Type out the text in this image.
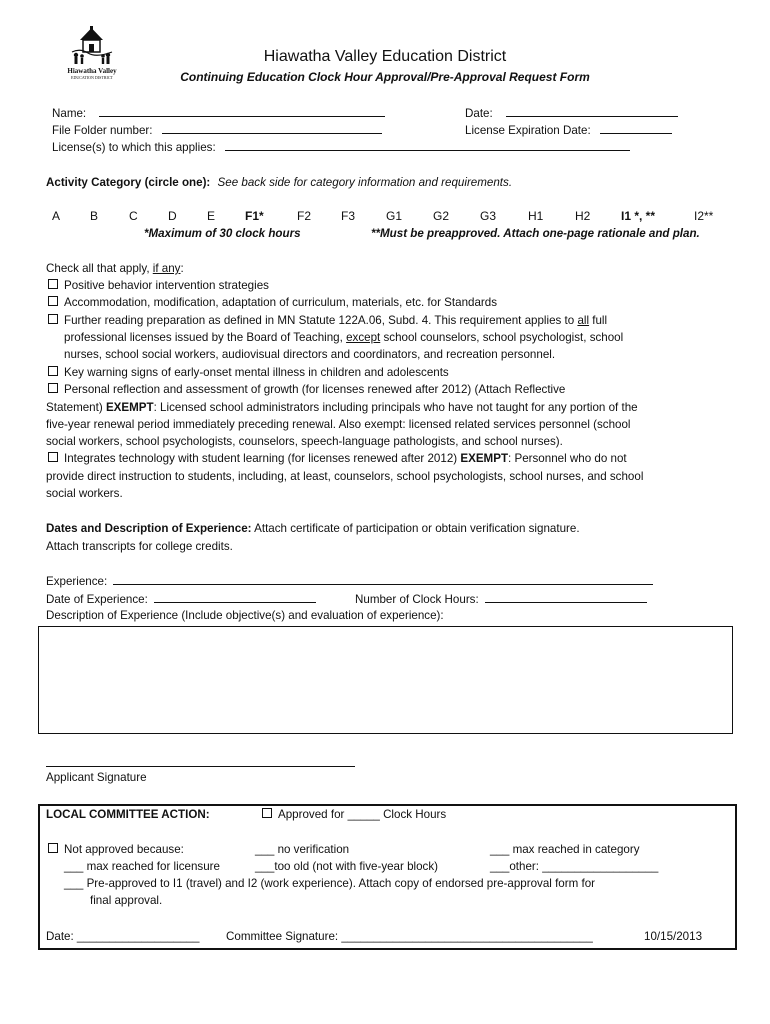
Hiawatha Valley
EDUCATION DISTRICT
Hiawatha Valley Education District
Continuing Education Clock Hour Approval/Pre-Approval Request Form
Name:	Date:
File Folder number:	License Expiration Date:
License(s) to which this applies:
Activity Category (circle one): See back side for category information and requirements.
A B	C	D	E F1*	F2 F3	G1	G2	G3	H1	H2	I1 *, **	I2**
*Maximum of 30 clock hours	**Must be preapproved. Attach one-page rationale and plan.
Check all that apply, if any:
Positive behavior intervention strategies
Accommodation, modification, adaptation of curriculum, materials, etc. for Standards
Further reading preparation as defined in MN Statute 122A.06, Subd. 4. This requirement applies to all full
professional licenses issued by the Board of Teaching, except school counselors, school psychologist, school
nurses, school social workers, audiovisual directors and coordinators, and recreation personnel.
Key warning signs of early-onset mental illness in children and adolescents
Personal reflection and assessment of growth (for licenses renewed after 2012) (Attach Reflective
Statement) EXEMPT: Licensed school administrators including principals who have not taught for any portion of the
five-year renewal period immediately preceding renewal. Also exempt: licensed related services personnel (school
social workers, school psychologists, counselors, speech-language pathologists, and school nurses).
Integrates technology with student learning (for licenses renewed after 2012) EXEMPT: Personnel who do not
provide direct instruction to students, including, at least, counselors, school psychologists, school nurses, and school
social workers.
Dates and Description of Experience: Attach certificate of participation or obtain verification signature.
Attach transcripts for college credits.
Experience:
Date of Experience:	Number of Clock Hours:
Description of Experience (Include objective(s) and evaluation of experience):
Applicant Signature
LOCAL COMMITTEE ACTION:	Approved for _____ Clock Hours
Not approved because:	___ no verification	___ max reached in category
___ max reached for licensure	___too old (not with five-year block)	___other: __________________
___ Pre-approved to I1 (travel) and I2 (work experience). Attach copy of endorsed pre-approval form for
final approval.
Date: ___________________ Committee Signature: _______________________________________	10/15/2013
